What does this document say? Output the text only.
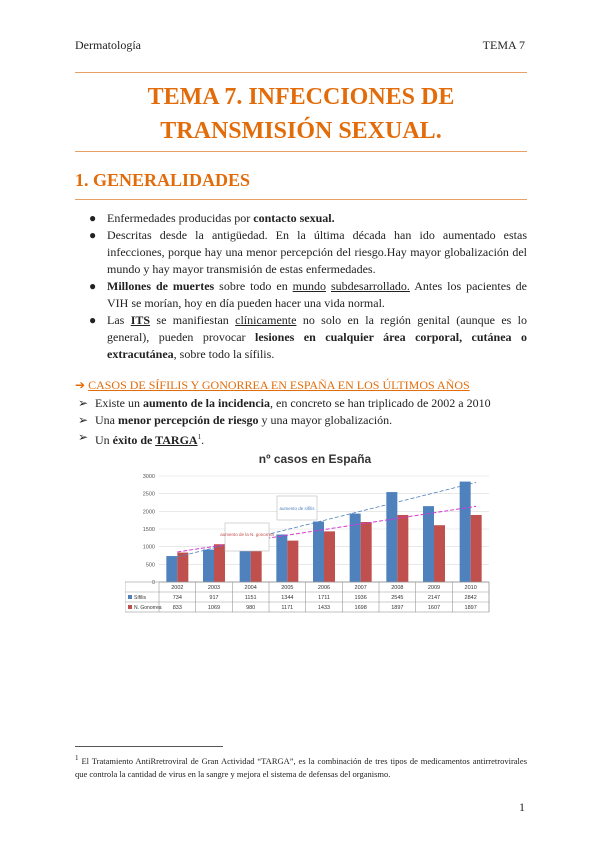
Dermatología	TEMA 7
TEMA 7. INFECCIONES DE
TRANSMISIÓN SEXUAL.
1. GENERALIDADES
● Enfermedades producidas por contacto sexual.
● Descritas desde la antigüedad. En la última década han ido aumentado estas infecciones, porque hay una menor percepción del riesgo.Hay mayor globalización del mundo y hay mayor transmisión de estas enfermedades.
● Millones de muertes sobre todo en mundo subdesarrollado. Antes los pacientes de VIH se morían, hoy en día pueden hacer una vida normal.
● Las ITS se manifiestan clínicamente no solo en la región genital (aunque es lo general), pueden provocar lesiones en cualquier área corporal, cutánea o extracutánea, sobre todo la sífilis.
➔ CASOS DE SÍFILIS Y GONORREA EN ESPAÑA EN LOS ÚLTIMOS AÑOS
➢ Existe un aumento de la incidencia, en concreto se han triplicado de 2002 a 2010
➢ Una menor percepción de riesgo y una mayor globalización.
➢ Un éxito de TARGA$^1$.
nº casos en España
0
500
1000
1500
2000
2500
3000
aumento de la N. gonorrea
aumento de sífilis
2002	2003	2004	2005	2006	2007	2008	2009	2010
Sífilis	734	917	1151	1344	1711	1936	2545	2147	2842
N. Gonorrea 833	1069	980	1171	1433	1698	1897	1607	1897
$^1$ El Tratamiento AntiRretroviral de Gran Actividad “TARGA”, es la combinación de tres tipos de medicamentos antirretrovirales que controla la cantidad de virus en la sangre y mejora el sistema de defensas del organismo.
1
